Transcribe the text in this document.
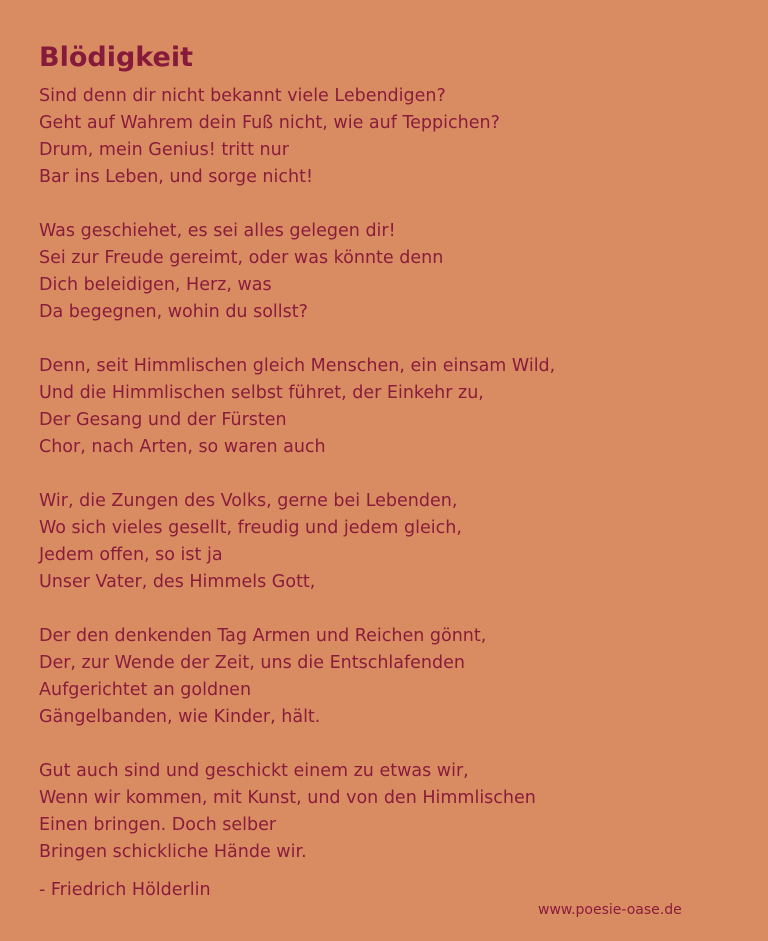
Blödigkeit
Sind denn dir nicht bekannt viele Lebendigen?
Geht auf Wahrem dein Fuß nicht, wie auf Teppichen?
Drum, mein Genius! tritt nur
Bar ins Leben, und sorge nicht!
Was geschiehet, es sei alles gelegen dir!
Sei zur Freude gereimt, oder was könnte denn
Dich beleidigen, Herz, was
Da begegnen, wohin du sollst?
Denn, seit Himmlischen gleich Menschen, ein einsam Wild,
Und die Himmlischen selbst führet, der Einkehr zu,
Der Gesang und der Fürsten
Chor, nach Arten, so waren auch
Wir, die Zungen des Volks, gerne bei Lebenden,
Wo sich vieles gesellt, freudig und jedem gleich,
Jedem offen, so ist ja
Unser Vater, des Himmels Gott,
Der den denkenden Tag Armen und Reichen gönnt,
Der, zur Wende der Zeit, uns die Entschlafenden
Aufgerichtet an goldnen
Gängelbanden, wie Kinder, hält.
Gut auch sind und geschickt einem zu etwas wir,
Wenn wir kommen, mit Kunst, und von den Himmlischen
Einen bringen. Doch selber
Bringen schickliche Hände wir.
- Friedrich Hölderlin
www.poesie-oase.de
